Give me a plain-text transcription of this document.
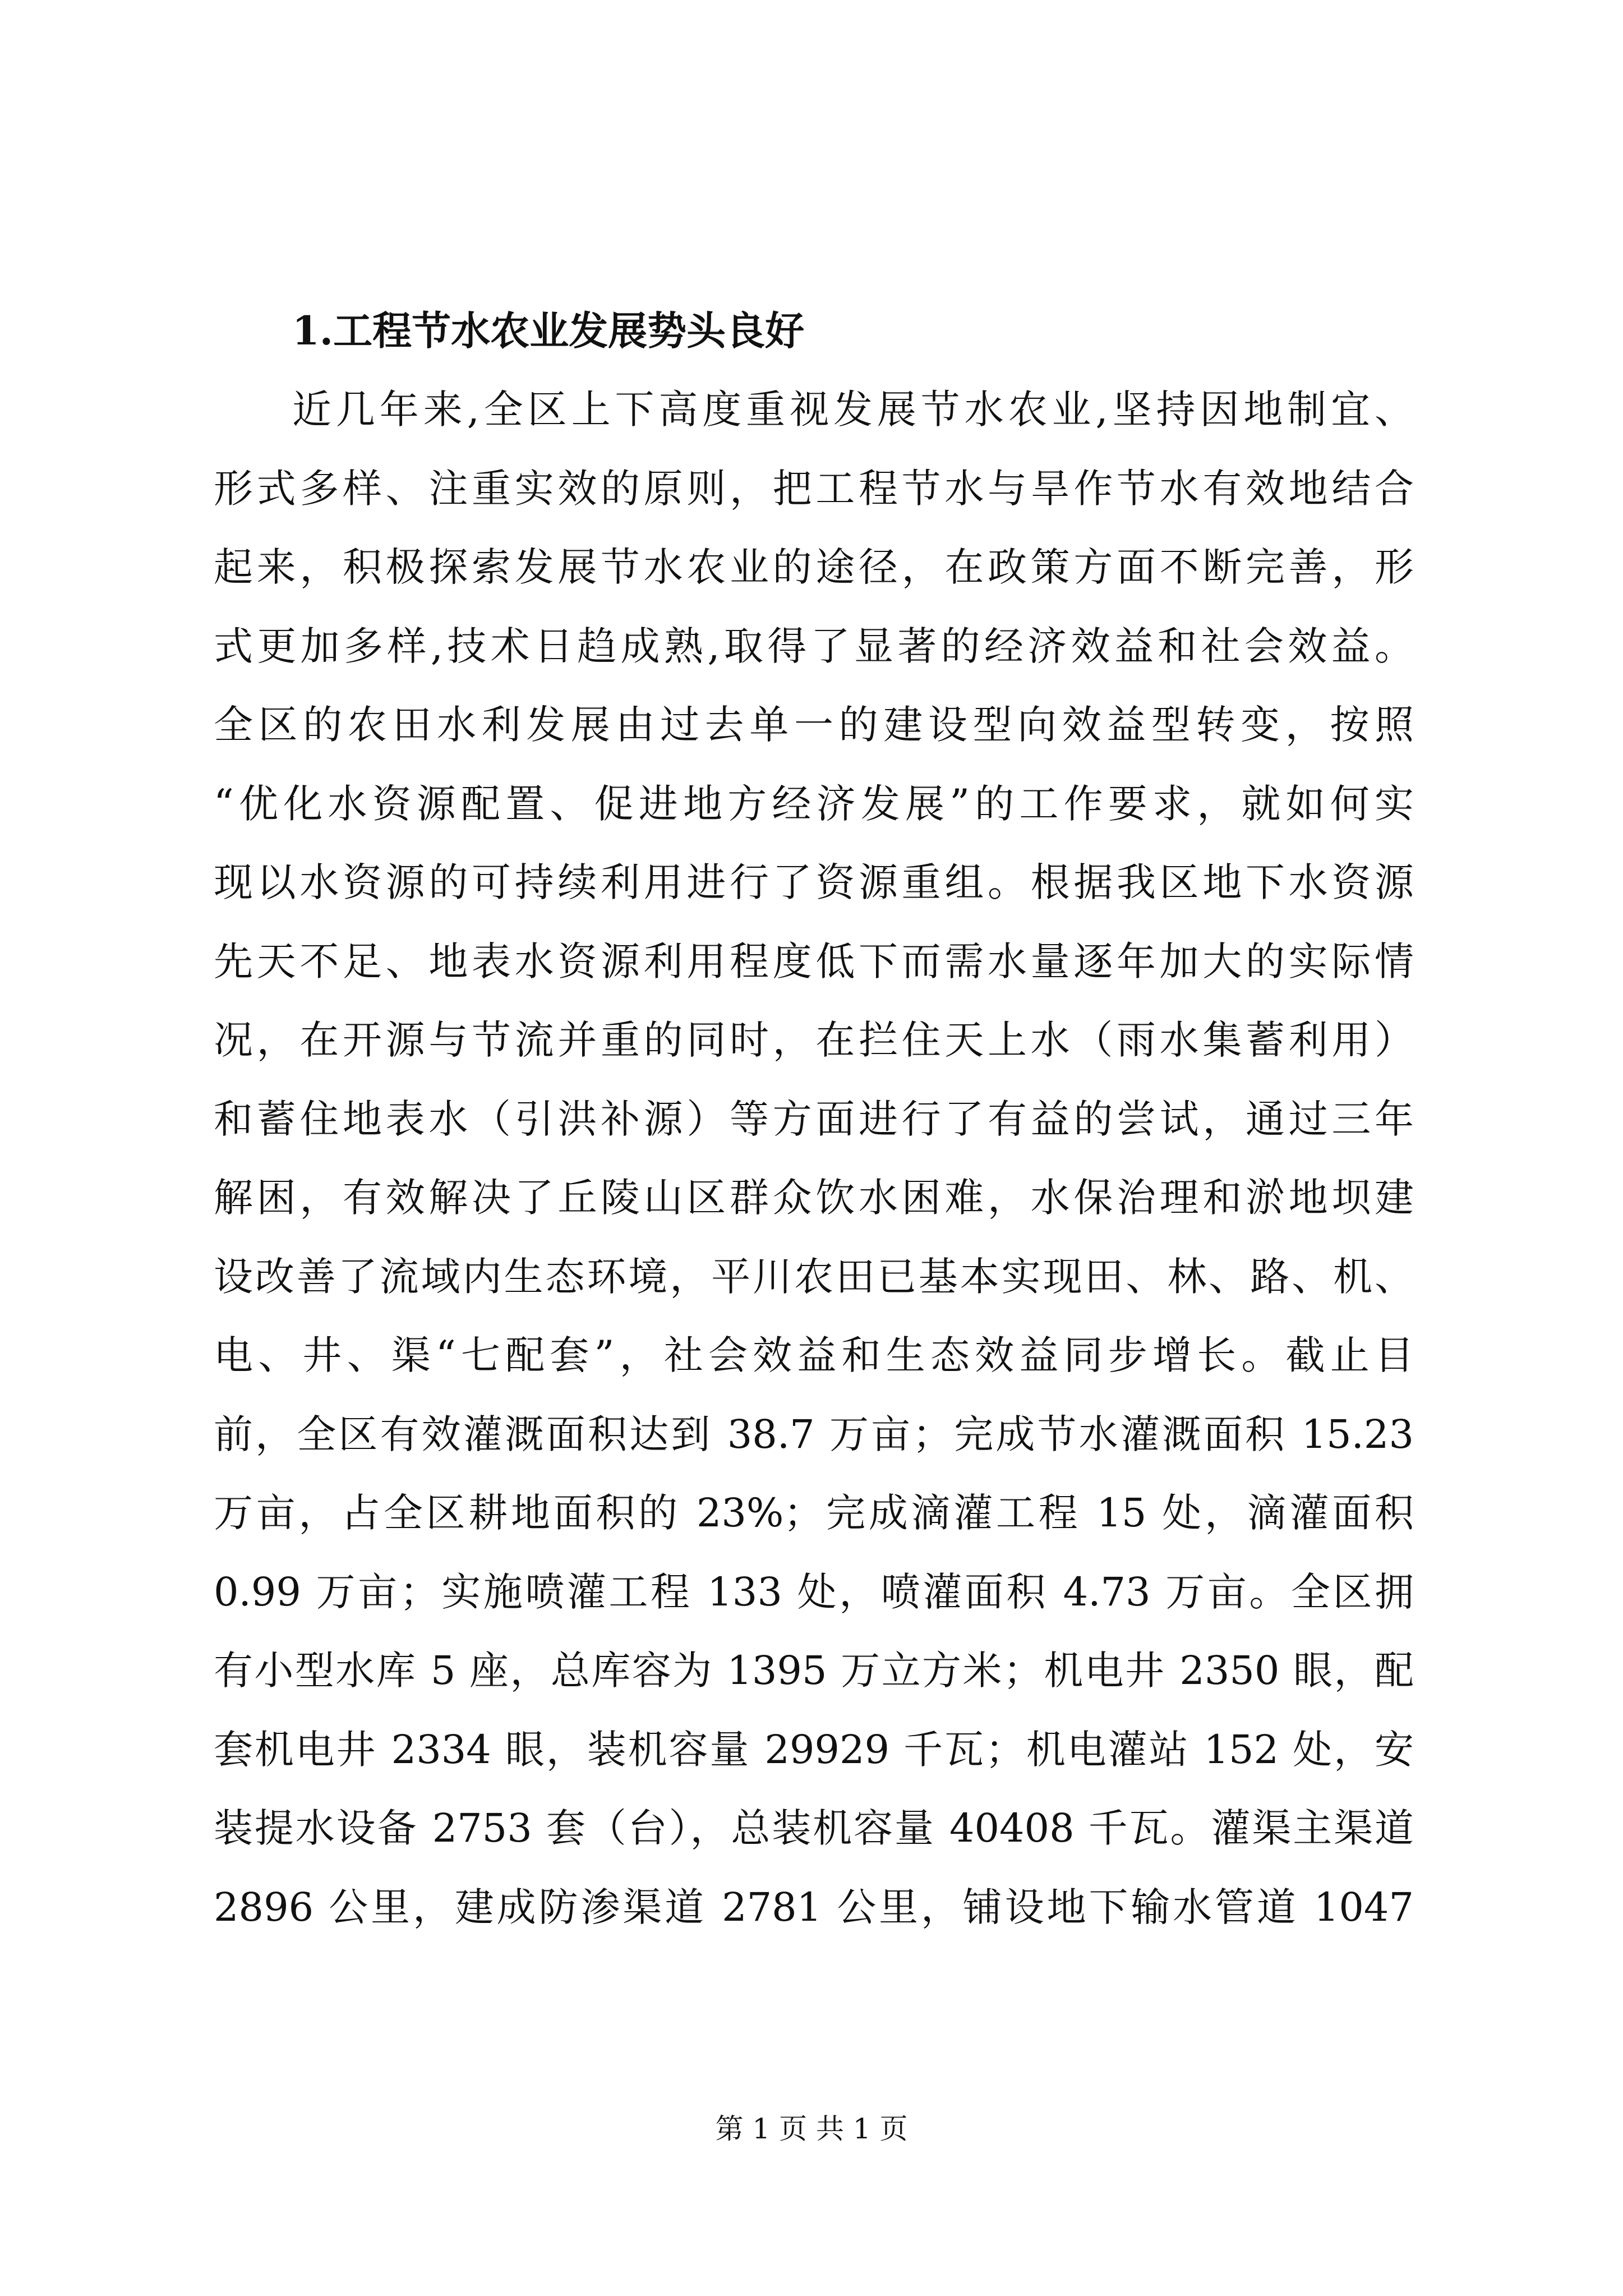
1.工程节水农业发展势头良好
近几年来,全区上下高度重视发展节水农业,坚持因地制宜、
形式多样、注重实效的原则，把工程节水与旱作节水有效地结合
起来，积极探索发展节水农业的途径，在政策方面不断完善，形
式更加多样,技术日趋成熟,取得了显著的经济效益和社会效益。
全区的农田水利发展由过去单一的建设型向效益型转变，按照
“优化水资源配置、促进地方经济发展”的工作要求，就如何实
现以水资源的可持续利用进行了资源重组。根据我区地下水资源
先天不足、地表水资源利用程度低下而需水量逐年加大的实际情
况，在开源与节流并重的同时，在拦住天上水（雨水集蓄利用）
和蓄住地表水（引洪补源）等方面进行了有益的尝试，通过三年
解困，有效解决了丘陵山区群众饮水困难，水保治理和淤地坝建
设改善了流域内生态环境，平川农田已基本实现田、林、路、机、
电、井、渠“七配套”，社会效益和生态效益同步增长。截止目
前，全区有效灌溉面积达到 38.7 万亩；完成节水灌溉面积 15.23
万亩，占全区耕地面积的 23%；完成滴灌工程 15 处，滴灌面积
0.99 万亩；实施喷灌工程 133 处，喷灌面积 4.73 万亩。全区拥
有小型水库 5 座，总库容为 1395 万立方米；机电井 2350 眼，配
套机电井 2334 眼，装机容量 29929 千瓦；机电灌站 152 处，安
装提水设备 2753 套（台），总装机容量 40408 千瓦。灌渠主渠道
2896 公里，建成防渗渠道 2781 公里，铺设地下输水管道 1047
第 1 页 共 1 页
